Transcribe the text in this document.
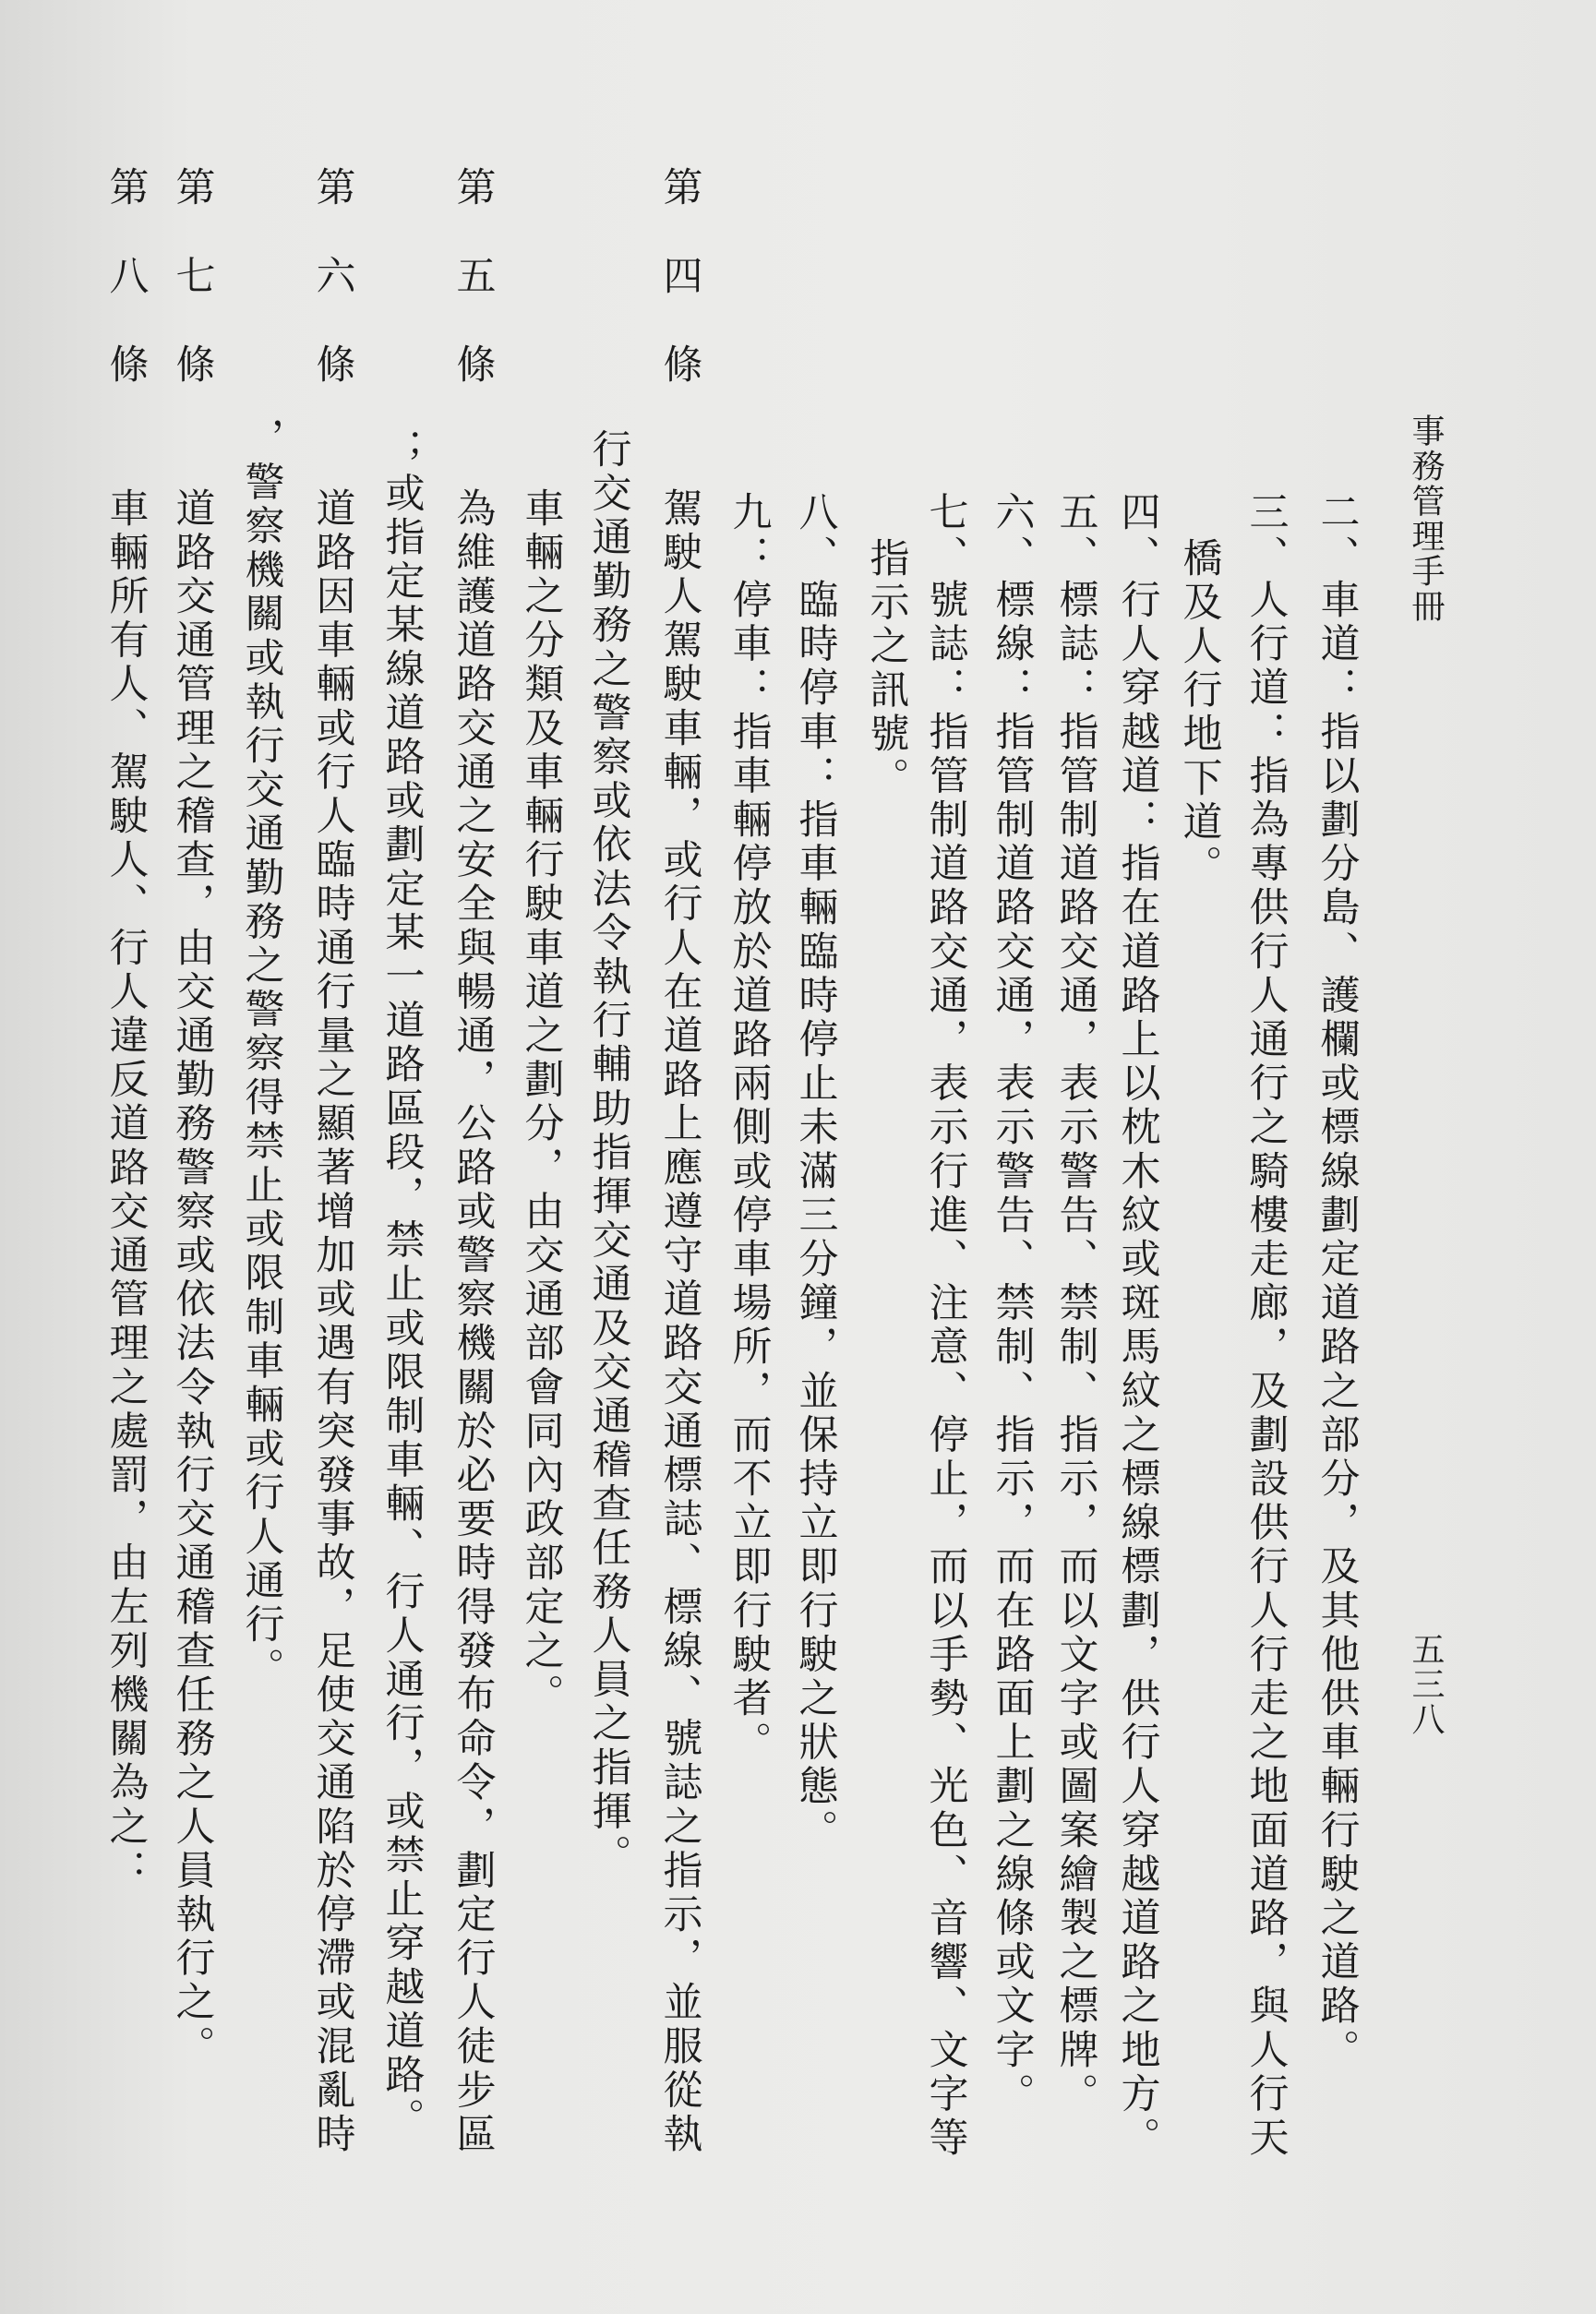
事務管理手冊
五三八
二、車道：指以劃分島、護欄或標線劃定道路之部分，及其他供車輛行駛之道路。
三、人行道：指為專供行人通行之騎樓走廊，及劃設供行人行走之地面道路，與人行天
橋及人行地下道。
四、行人穿越道：指在道路上以枕木紋或斑馬紋之標線標劃，供行人穿越道路之地方。
五、標誌：指管制道路交通，表示警告、禁制、指示，而以文字或圖案繪製之標牌。
六、標線：指管制道路交通，表示警告、禁制、指示，而在路面上劃之線條或文字。
七、號誌：指管制道路交通，表示行進、注意、停止，而以手勢、光色、音響、文字等
指示之訊號。
八、臨時停車：指車輛臨時停止未滿三分鐘，並保持立即行駛之狀態。
九：停車：指車輛停放於道路兩側或停車場所，而不立即行駛者。
第四條
駕駛人駕駛車輛，或行人在道路上應遵守道路交通標誌、標線、號誌之指示，並服從執
行交通勤務之警察或依法令執行輔助指揮交通及交通稽查任務人員之指揮。
車輛之分類及車輛行駛車道之劃分，由交通部會同內政部定之。
第五條
為維護道路交通之安全與暢通，公路或警察機關於必要時得發布命令，劃定行人徒步區
；或指定某線道路或劃定某一道路區段，禁止或限制車輛、行人通行，或禁止穿越道路。
第六條
道路因車輛或行人臨時通行量之顯著增加或遇有突發事故，足使交通陷於停滯或混亂時
，警察機關或執行交通勤務之警察得禁止或限制車輛或行人通行。
第七條
道路交通管理之稽查，由交通勤務警察或依法令執行交通稽查任務之人員執行之。
第八條
車輛所有人、駕駛人、行人違反道路交通管理之處罰，由左列機關為之：
